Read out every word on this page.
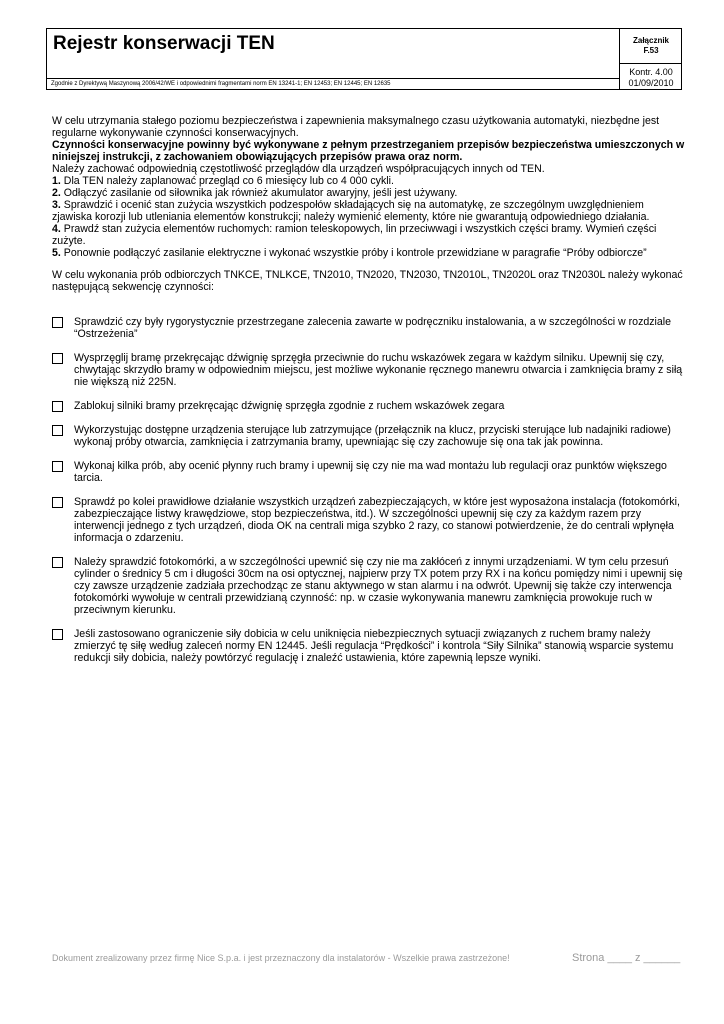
Rejestr konserwacji TEN
Zgodnie z Dyrektywą Maszynową 2006/42/WE i odpowiednimi fragmentami norm EN 13241-1; EN 12453; EN 12445; EN 12635
Załącznik
F.53
Kontr. 4.00
01/09/2010

W celu utrzymania stałego poziomu bezpieczeństwa i zapewnienia maksymalnego czasu użytkowania automatyki, niezbędne jest regularne wykonywanie czynności konserwacyjnych.

Czynności konserwacyjne powinny być wykonywane z pełnym przestrzeganiem przepisów bezpieczeństwa umieszczonych w niniejszej instrukcji, z zachowaniem obowiązujących przepisów prawa oraz norm.

Należy zachować odpowiednią częstotliwość przeglądów dla urządzeń współpracujących innych od TEN.

1. Dla TEN należy zaplanować przegląd co 6 miesięcy lub co 4 000 cykli.

2. Odłączyć zasilanie od siłownika jak również akumulator awaryjny, jeśli jest używany.

3. Sprawdzić i ocenić stan zużycia wszystkich podzespołów składających się na automatykę, ze szczególnym uwzględnieniem zjawiska korozji lub utleniania elementów konstrukcji; należy wymienić elementy, które nie gwarantują odpowiedniego działania.

4. Prawdź stan zużycia elementów ruchomych: ramion teleskopowych, lin przeciwwagi i wszystkich części bramy. Wymień części zużyte.

5. Ponownie podłączyć zasilanie elektryczne i wykonać wszystkie próby i kontrole przewidziane w paragrafie “Próby odbiorcze”

W celu wykonania prób odbiorczych TNKCE, TNLKCE, TN2010, TN2020, TN2030, TN2010L, TN2020L oraz TN2030L należy wykonać następującą sekwencję czynności:

Sprawdzić czy były rygorystycznie przestrzegane zalecenia zawarte w podręczniku instalowania, a w szczególności w rozdziale “Ostrzeżenia”
Wysprzęglij bramę przekręcając dźwignię sprzęgła przeciwnie do ruchu wskazówek zegara w każdym silniku. Upewnij się czy, chwytając skrzydło bramy w odpowiednim miejscu, jest możliwe wykonanie ręcznego manewru otwarcia i zamknięcia bramy z siłą nie większą niż 225N.
Zablokuj silniki bramy przekręcając dźwignię sprzęgła zgodnie z ruchem wskazówek zegara
Wykorzystując dostępne urządzenia sterujące lub zatrzymujące (przełącznik na klucz, przyciski sterujące lub nadajniki radiowe) wykonaj próby otwarcia, zamknięcia i zatrzymania bramy, upewniając się czy zachowuje się ona tak jak powinna.
Wykonaj kilka prób, aby ocenić płynny ruch bramy i upewnij się czy nie ma wad montażu lub regulacji oraz punktów większego tarcia.
Sprawdź po kolei prawidłowe działanie wszystkich urządzeń zabezpieczających, w które jest wyposażona instalacja (fotokomórki, zabezpieczające listwy krawędziowe, stop bezpieczeństwa, itd.). W szczególności upewnij się czy za każdym razem przy interwencji jednego z tych urządzeń, dioda OK na centrali miga szybko 2 razy, co stanowi potwierdzenie, że do centrali wpłynęła informacja o zdarzeniu.
Należy sprawdzić fotokomórki, a w szczególności upewnić się czy nie ma zakłóceń z innymi urządzeniami. W tym celu przesuń cylinder o średnicy 5 cm i długości 30cm na osi optycznej, najpierw przy TX potem przy RX i na końcu pomiędzy nimi i upewnij się czy zawsze urządzenie zadziała przechodząc ze stanu aktywnego w stan alarmu i na odwrót. Upewnij się także czy interwencja fotokomórki wywołuje w centrali przewidzianą czynność: np. w czasie wykonywania manewru zamknięcia prowokuje ruch w przeciwnym kierunku.
Jeśli zastosowano ograniczenie siły dobicia w celu uniknięcia niebezpiecznych sytuacji związanych z ruchem bramy należy zmierzyć tę siłę według zaleceń normy EN 12445. Jeśli regulacja “Prędkości” i kontrola “Siły Silnika” stanowią wsparcie systemu redukcji siły dobicia, należy powtórzyć regulację i znaleźć ustawienia, które zapewnią lepsze wyniki.
Dokument zrealizowany przez firmę Nice S.p.a. i jest przeznaczony dla instalatorów - Wszelkie prawa zastrzeżone!	Strona ____ z ______
